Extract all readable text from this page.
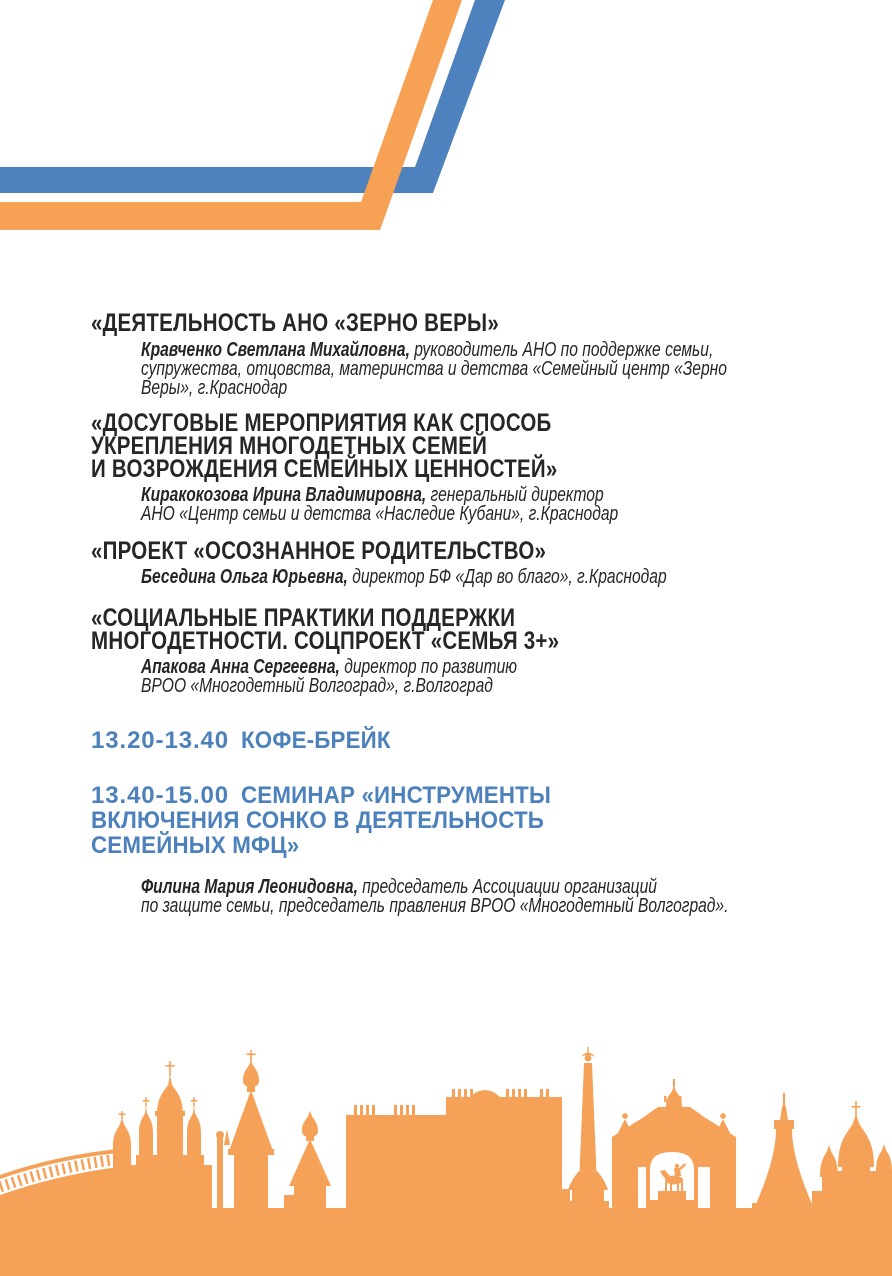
«ДЕЯТЕЛЬНОСТЬ АНО «ЗЕРНО ВЕРЫ»
Кравченко Светлана Михайловна, руководитель АНО по поддержке семьи,
супружества, отцовства, материнства и детства «Семейный центр «Зерно
Веры», г.Краснодар
«ДОСУГОВЫЕ МЕРОПРИЯТИЯ КАК СПОСОБ
УКРЕПЛЕНИЯ МНОГОДЕТНЫХ СЕМЕЙ
И ВОЗРОЖДЕНИЯ СЕМЕЙНЫХ ЦЕННОСТЕЙ»
Киракокозова Ирина Владимировна, генеральный директор
АНО «Центр семьи и детства «Наследие Кубани», г.Краснодар
«ПРОЕКТ «ОСОЗНАННОЕ РОДИТЕЛЬСТВО»
Беседина Ольга Юрьевна, директор БФ «Дар во благо», г.Краснодар
«СОЦИАЛЬНЫЕ ПРАКТИКИ ПОДДЕРЖКИ
МНОГОДЕТНОСТИ. СОЦПРОЕКТ «СЕМЬЯ 3+»
Апакова Анна Сергеевна, директор по развитию
ВРОО «Многодетный Волгоград», г.Волгоград
13.20-13.40 КОФЕ-БРЕЙК
13.40-15.00 СЕМИНАР «ИНСТРУМЕНТЫ
ВКЛЮЧЕНИЯ СОНКО В ДЕЯТЕЛЬНОСТЬ
СЕМЕЙНЫХ МФЦ»
Филина Мария Леонидовна, председатель Ассоциации организаций
по защите семьи, председатель правления ВРОО «Многодетный Волгоград».
